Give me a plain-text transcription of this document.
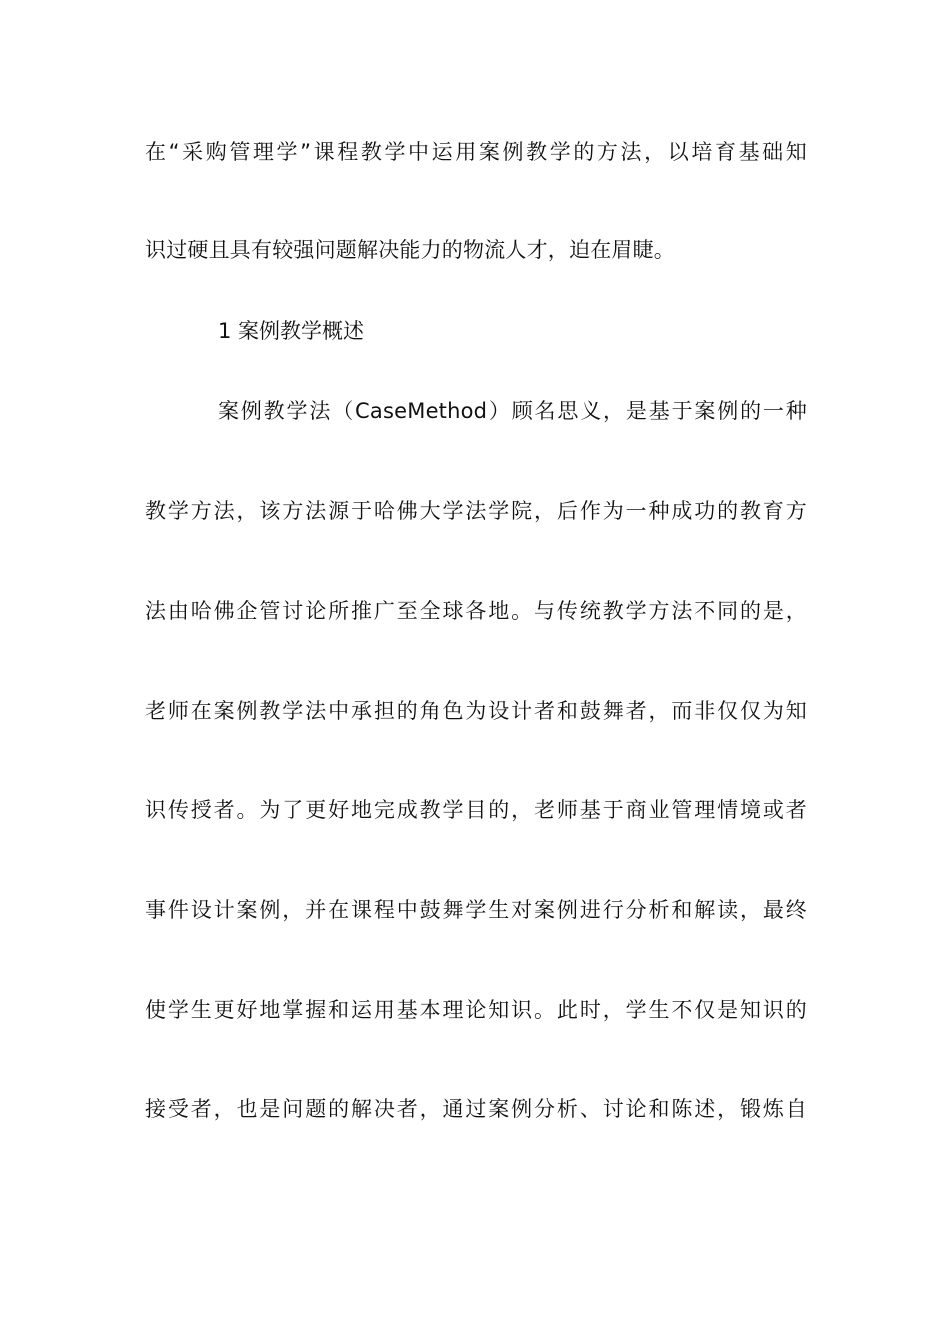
在“采购管理学”课程教学中运用案例教学的方法，以培育基础知
识过硬且具有较强问题解决能力的物流人才，迫在眉睫。
1 案例教学概述
案例教学法（CaseMethod）顾名思义，是基于案例的一种
教学方法，该方法源于哈佛大学法学院，后作为一种成功的教育方
法由哈佛企管讨论所推广至全球各地。与传统教学方法不同的是，
老师在案例教学法中承担的角色为设计者和鼓舞者，而非仅仅为知
识传授者。为了更好地完成教学目的，老师基于商业管理情境或者
事件设计案例，并在课程中鼓舞学生对案例进行分析和解读，最终
使学生更好地掌握和运用基本理论知识。此时，学生不仅是知识的
接受者，也是问题的解决者，通过案例分析、讨论和陈述，锻炼自
